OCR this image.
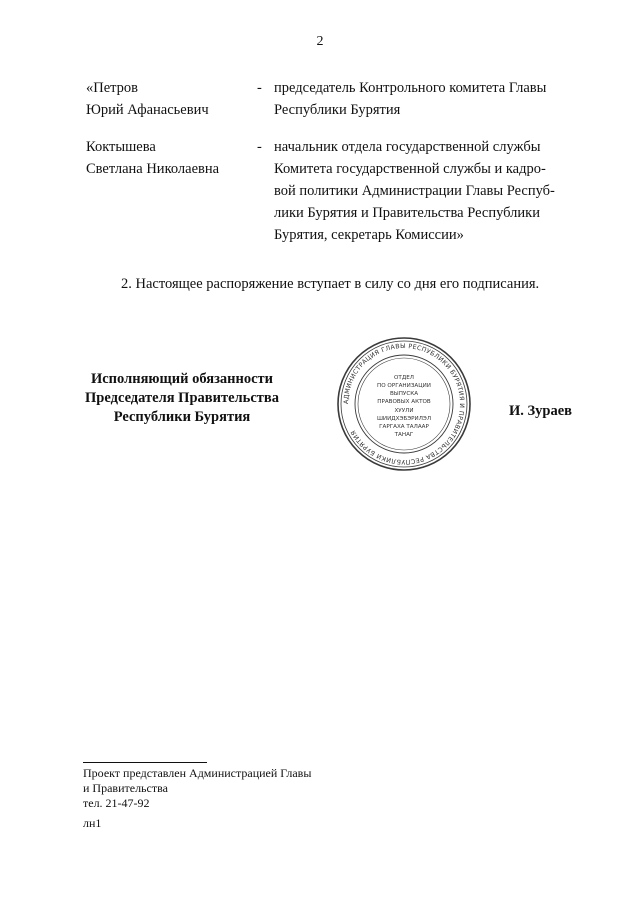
2
«Петров
Юрий Афанасьевич
- председатель Контрольного комитета Главы
Республики Бурятия
Коктышева
Светлана Николаевна
- начальник отдела государственной службы
Комитета государственной службы и кадро-
вой политики Администрации Главы Респуб-
лики Бурятия и Правительства Республики
Бурятия, секретарь Комиссии»
2. Настоящее распоряжение вступает в силу со дня его подписания.
Исполняющий обязанности
Председателя Правительства
Республики Бурятия
АДМИНИСТРАЦИЯ ГЛАВЫ РЕСПУБЛИКИ БУРЯТИЯ И ПРАВИТЕЛЬСТВА РЕСПУБЛИКИ БУРЯТИЯ
ОТДЕЛ
ПО ОРГАНИЗАЦИИ
ВЫПУСКА
ПРАВОВЫХ АКТОВ
ХУУЛИ
ШИИДХЭБЭРИЛЭЛ
ГАРГАХА ТАЛААР
ТАНАГ
И. Зураев
Проект представлен Администрацией Главы
и Правительства
тел. 21-47-92
лн1
